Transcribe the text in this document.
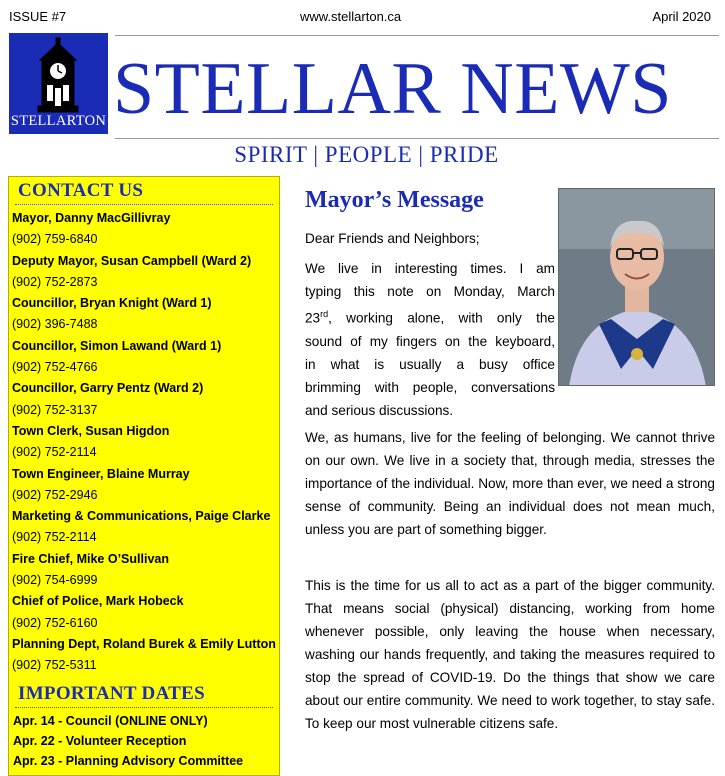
ISSUE #7	www.stellarton.ca	April 2020
STELLARTON STELLAR NEWS
SPIRIT | PEOPLE | PRIDE
CONTACT US
Mayor, Danny MacGillivray
(902) 759-6840
Deputy Mayor, Susan Campbell (Ward 2)
(902) 752-2873
Councillor, Bryan Knight (Ward 1)
(902) 396-7488
Councillor, Simon Lawand (Ward 1)
(902) 752-4766
Councillor, Garry Pentz (Ward 2)
(902) 752-3137
Town Clerk, Susan Higdon
(902) 752-2114
Town Engineer, Blaine Murray
(902) 752-2946
Marketing & Communications, Paige Clarke
(902) 752-2114
Fire Chief, Mike O’Sullivan
(902) 754-6999
Chief of Police, Mark Hobeck
(902) 752-6160
Planning Dept, Roland Burek & Emily Lutton
(902) 752-5311
IMPORTANT DATES
Apr. 14 - Council (ONLINE ONLY)
Apr. 22 - Volunteer Reception
Apr. 23 - Planning Advisory Committee
Mayor’s Message
Dear Friends and Neighbors;
We live in interesting times. I am
typing this note on Monday, March
23rd, working alone, with only the
sound of my fingers on the keyboard,
in what is usually a busy office
brimming with people, conversations
and serious discussions.
We, as humans, live for the feeling of belonging. We cannot thrive on our own. We live in a society that, through media, stresses the importance of the individual. Now, more than ever, we need a strong sense of community. Being an individual does not mean much, unless you are part of something bigger.
This is the time for us all to act as a part of the bigger community. That means social (physical) distancing, working from home whenever possible, only leaving the house when necessary, washing our hands frequently, and taking the measures required to stop the spread of COVID-19. Do the things that show we care about our entire community. We need to work together, to stay safe. To keep our most vulnerable citizens safe.
